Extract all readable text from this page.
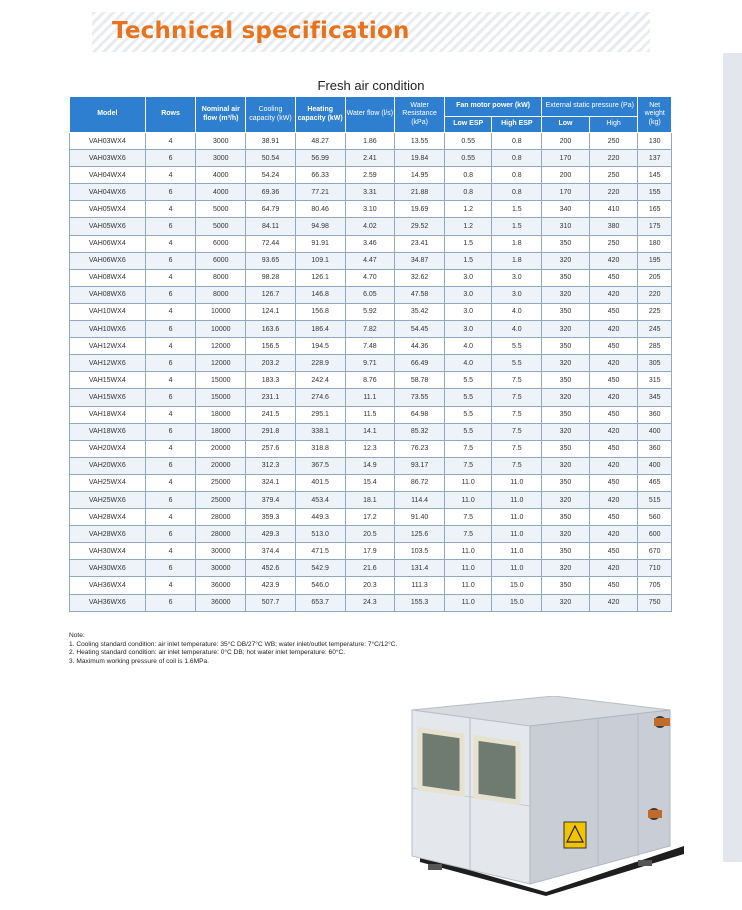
Technical specification
Fresh air condition
Model	Rows	Nominal air flow (m³/h)	Cooling capacity (kW)	Heating capacity (kW)	Water flow (l/s)	Water Resistance (kPa)	Fan motor power (kW)		External static pressure (Pa)		Net weight (kg)
							Low ESP	High ESP	Low	High	
VAH03WX4	4	3000	38.91	48.27	1.86	13.55	0.55	0.8	200	250	130
VAH03WX6	6	3000	50.54	56.99	2.41	19.84	0.55	0.8	170	220	137
VAH04WX4	4	4000	54.24	66.33	2.59	14.95	0.8	0.8	200	250	145
VAH04WX6	6	4000	69.36	77.21	3.31	21.88	0.8	0.8	170	220	155
VAH05WX4	4	5000	64.79	80.46	3.10	19.69	1.2	1.5	340	410	165
VAH05WX6	6	5000	84.11	94.98	4.02	29.52	1.2	1.5	310	380	175
VAH06WX4	4	6000	72.44	91.91	3.46	23.41	1.5	1.8	350	250	180
VAH06WX6	6	6000	93.65	109.1	4.47	34.87	1.5	1.8	320	420	195
VAH08WX4	4	8000	98.28	126.1	4.70	32.62	3.0	3.0	350	450	205
VAH08WX6	6	8000	126.7	146.8	6.05	47.58	3.0	3.0	320	420	220
VAH10WX4	4	10000	124.1	156.8	5.92	35.42	3.0	4.0	350	450	225
VAH10WX6	6	10000	163.6	186.4	7.82	54.45	3.0	4.0	320	420	245
VAH12WX4	4	12000	156.5	194.5	7.48	44.36	4.0	5.5	350	450	285
VAH12WX6	6	12000	203.2	228.9	9.71	66.49	4.0	5.5	320	420	305
VAH15WX4	4	15000	183.3	242.4	8.76	58.78	5.5	7.5	350	450	315
VAH15WX6	6	15000	231.1	274.6	11.1	73.55	5.5	7.5	320	420	345
VAH18WX4	4	18000	241.5	295.1	11.5	64.98	5.5	7.5	350	450	360
VAH18WX6	6	18000	291.8	338.1	14.1	85.32	5.5	7.5	320	420	400
VAH20WX4	4	20000	257.6	318.8	12.3	76.23	7.5	7.5	350	450	360
VAH20WX6	6	20000	312.3	367.5	14.9	93.17	7.5	7.5	320	420	400
VAH25WX4	4	25000	324.1	401.5	15.4	86.72	11.0	11.0	350	450	465
VAH25WX6	6	25000	379.4	453.4	18.1	114.4	11.0	11.0	320	420	515
VAH28WX4	4	28000	359.3	449.3	17.2	91.40	7.5	11.0	350	450	560
VAH28WX6	6	28000	429.3	513.0	20.5	125.6	7.5	11.0	320	420	600
VAH30WX4	4	30000	374.4	471.5	17.9	103.5	11.0	11.0	350	450	670
VAH30WX6	6	30000	452.6	542.9	21.6	131.4	11.0	11.0	320	420	710
VAH36WX4	4	36000	423.9	546.0	20.3	111.3	11.0	15.0	350	450	705
VAH36WX6	6	36000	507.7	653.7	24.3	155.3	11.0	15.0	320	420	750
Note:
1. Cooling standard condition: air inlet temperature: 35°C DB/27°C WB; water inlet/outlet temperature: 7°C/12°C.
2. Heating standard condition: air inlet temperature: 0°C DB; hot water inlet temperature: 60°C.
3. Maximum working pressure of coil is 1.6MPa.
